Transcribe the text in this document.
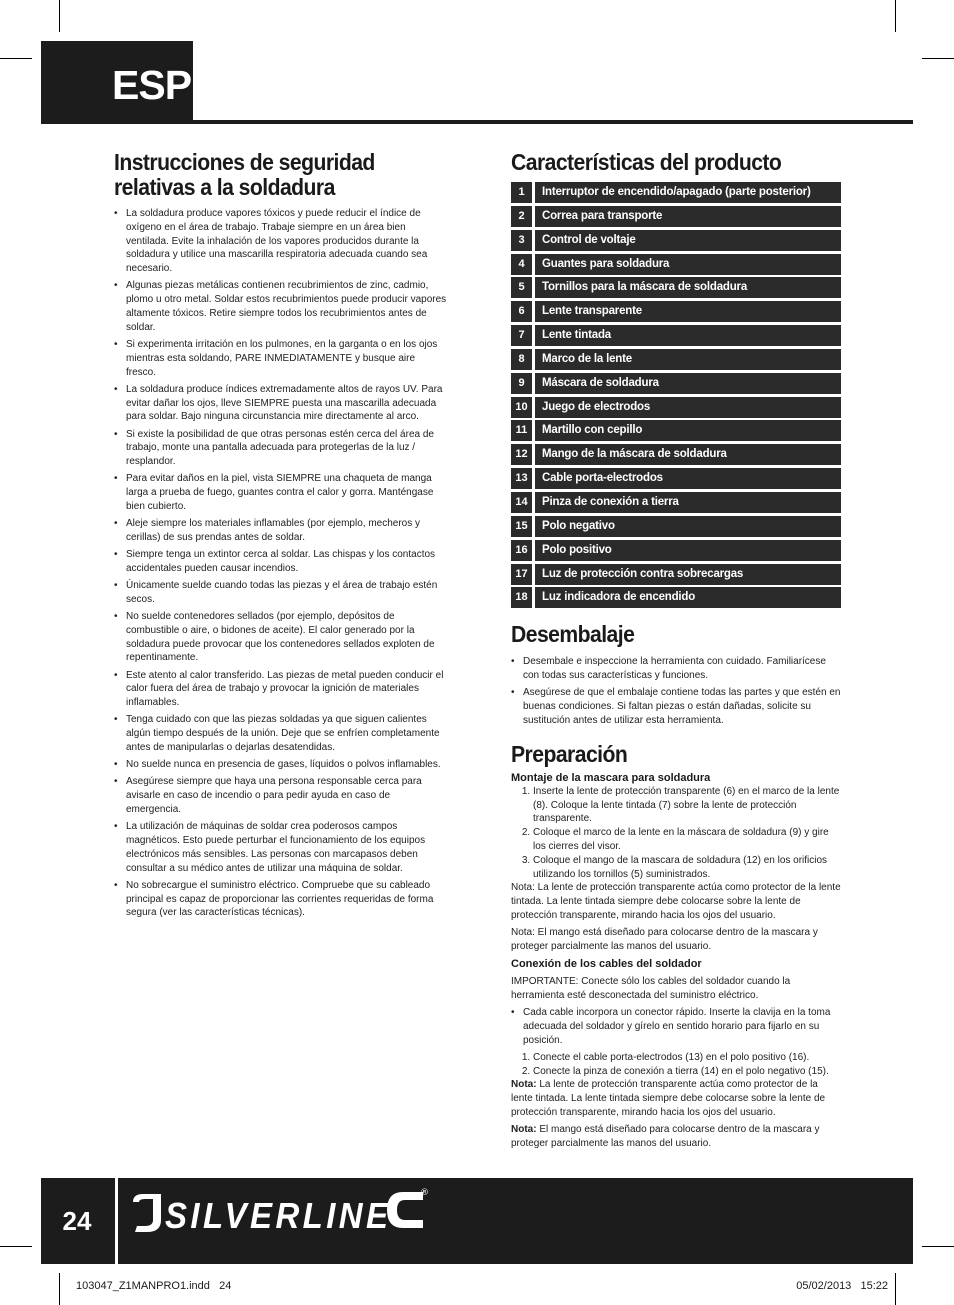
ESP
Instrucciones de seguridad
relativas a la soldadura
• La soldadura produce vapores tóxicos y puede reducir el índice de oxígeno en el área de trabajo. Trabaje siempre en un área bien ventilada. Evite la inhalación de los vapores producidos durante la soldadura y utilice una mascarilla respiratoria adecuada cuando sea necesario.
• Algunas piezas metálicas contienen recubrimientos de zinc, cadmio, plomo u otro metal. Soldar estos recubrimientos puede producir vapores altamente tóxicos. Retire siempre todos los recubrimientos antes de soldar.
• Si experimenta irritación en los pulmones, en la garganta o en los ojos mientras esta soldando, PARE INMEDIATAMENTE y busque aire fresco.
• La soldadura produce índices extremadamente altos de rayos UV. Para evitar dañar los ojos, lleve SIEMPRE puesta una mascarilla adecuada para soldar. Bajo ninguna circunstancia mire directamente al arco.
• Si existe la posibilidad de que otras personas estén cerca del área de trabajo, monte una pantalla adecuada para protegerlas de la luz / resplandor.
• Para evitar daños en la piel, vista SIEMPRE una chaqueta de manga larga a prueba de fuego, guantes contra el calor y gorra. Manténgase bien cubierto.
• Aleje siempre los materiales inflamables (por ejemplo, mecheros y cerillas) de sus prendas antes de soldar.
• Siempre tenga un extintor cerca al soldar. Las chispas y los contactos accidentales pueden causar incendios.
• Únicamente suelde cuando todas las piezas y el área de trabajo estén secos.
• No suelde contenedores sellados (por ejemplo, depósitos de combustible o aire, o bidones de aceite). El calor generado por la soldadura puede provocar que los contenedores sellados exploten de repentinamente.
• Este atento al calor transferido. Las piezas de metal pueden conducir el calor fuera del área de trabajo y provocar la ignición de materiales inflamables.
• Tenga cuidado con que las piezas soldadas ya que siguen calientes algún tiempo después de la unión. Deje que se enfríen completamente antes de manipularlas o dejarlas desatendidas.
• No suelde nunca en presencia de gases, líquidos o polvos inflamables.
• Asegúrese siempre que haya una persona responsable cerca para avisarle en caso de incendio o para pedir ayuda en caso de emergencia.
• La utilización de máquinas de soldar crea poderosos campos magnéticos. Esto puede perturbar el funcionamiento de los equipos electrónicos más sensibles. Las personas con marcapasos deben consultar a su médico antes de utilizar una máquina de soldar.
• No sobrecargue el suministro eléctrico. Compruebe que su cableado principal es capaz de proporcionar las corrientes requeridas de forma segura (ver las características técnicas).
Características del producto
1	Interruptor de encendido/apagado (parte posterior)
2	Correa para transporte
3	Control de voltaje
4	Guantes para soldadura
5	Tornillos para la máscara de soldadura
6	Lente transparente
7	Lente tintada
8	Marco de la lente
9	Máscara de soldadura
10	Juego de electrodos
11	Martillo con cepillo
12	Mango de la máscara de soldadura
13	Cable porta-electrodos
14	Pinza de conexión a tierra
15	Polo negativo
16	Polo positivo
17	Luz de protección contra sobrecargas
18	Luz indicadora de encendido
Desembalaje
• Desembale e inspeccione la herramienta con cuidado. Familiarícese con todas sus características y funciones.
• Asegúrese de que el embalaje contiene todas las partes y que estén en buenas condiciones. Si faltan piezas o están dañadas, solicite su sustitución antes de utilizar esta herramienta.
Preparación

Montaje de la mascara para soldadura

1. Inserte la lente de protección transparente (6) en el marco de la lente (8). Coloque la lente tintada (7) sobre la lente de protección transparente.
2. Coloque el marco de la lente en la máscara de soldadura (9) y gire los cierres del visor.
3. Coloque el mango de la mascara de soldadura (12) en los orificios utilizando los tornillos (5) suministrados.

Nota: La lente de protección transparente actúa como protector de la lente tintada. La lente tintada siempre debe colocarse sobre la lente de protección transparente, mirando hacia los ojos del usuario.

Nota: El mango está diseñado para colocarse dentro de la mascara y proteger parcialmente las manos del usuario.

Conexión de los cables del soldador

IMPORTANTE: Conecte sólo los cables del soldador cuando la herramienta esté desconectada del suministro eléctrico.

• Cada cable incorpora un conector rápido. Inserte la clavija en la toma adecuada del soldador y gírelo en sentido horario para fijarlo en su posición.
1. Conecte el cable porta-electrodos (13) en el polo positivo (16).
2. Conecte la pinza de conexión a tierra (14) en el polo negativo (15).

Nota: La lente de protección transparente actúa como protector de la lente tintada. La lente tintada siempre debe colocarse sobre la lente de protección transparente, mirando hacia los ojos del usuario.

Nota: El mango está diseñado para colocarse dentro de la mascara y proteger parcialmente las manos del usuario.

24	SILVERLINE
®
103047_Z1MANPRO1.indd   24	05/02/2013   15:22
